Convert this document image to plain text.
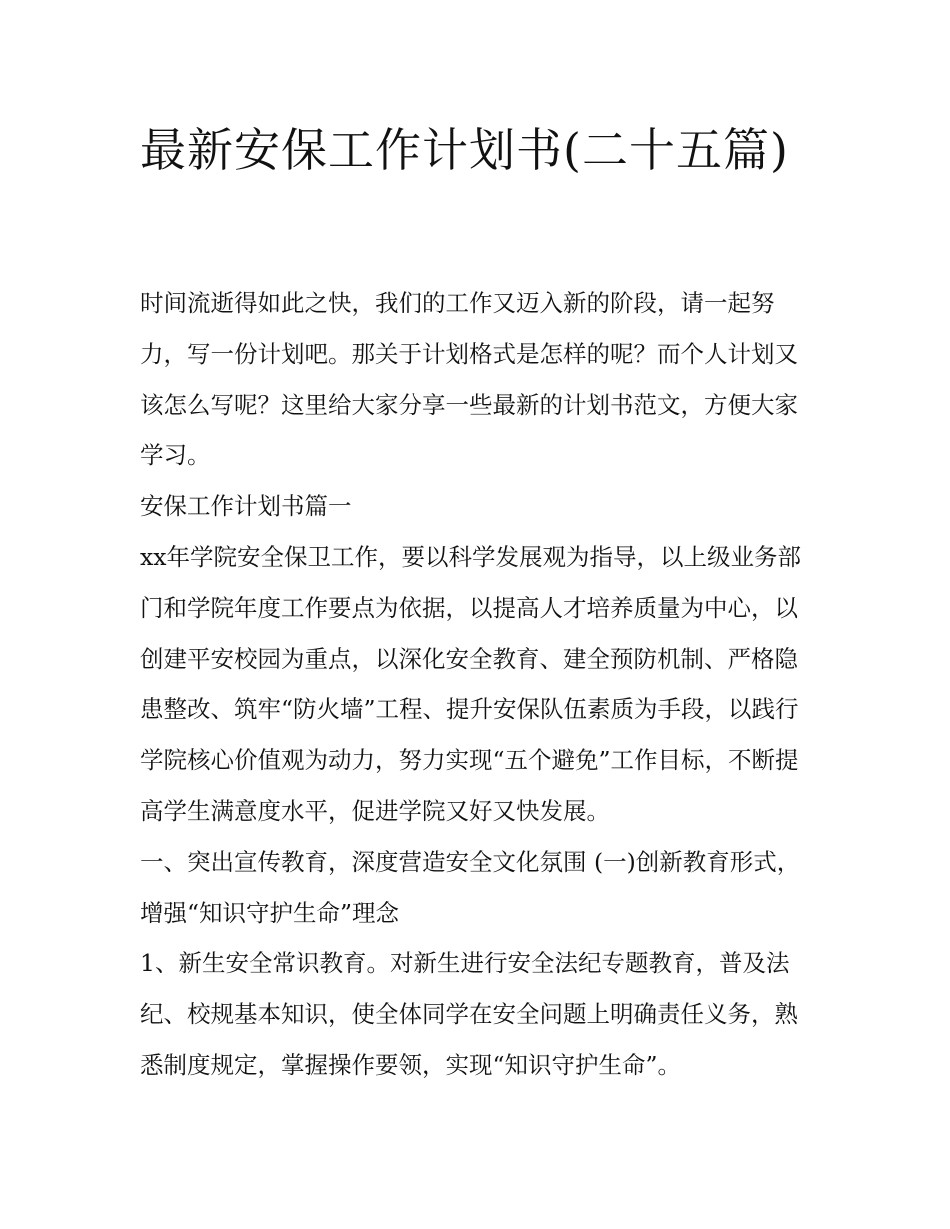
最新安保工作计划书(二十五篇)

时间流逝得如此之快，我们的工作又迈入新的阶段，请一起努力，写一份计划吧。那关于计划格式是怎样的呢？而个人计划又该怎么写呢？这里给大家分享一些最新的计划书范文，方便大家学习。

安保工作计划书篇一

xx年学院安全保卫工作，要以科学发展观为指导，以上级业务部门和学院年度工作要点为依据，以提高人才培养质量为中心，以创建平安校园为重点，以深化安全教育、建全预防机制、严格隐患整改、筑牢“防火墙”工程、提升安保队伍素质为手段，以践行学院核心价值观为动力，努力实现“五个避免”工作目标，不断提高学生满意度水平，促进学院又好又快发展。

一、突出宣传教育，深度营造安全文化氛围 (一)创新教育形式，增强“知识守护生命”理念

1、新生安全常识教育。对新生进行安全法纪专题教育，普及法纪、校规基本知识，使全体同学在安全问题上明确责任义务，熟悉制度规定，掌握操作要领，实现“知识守护生命”。
